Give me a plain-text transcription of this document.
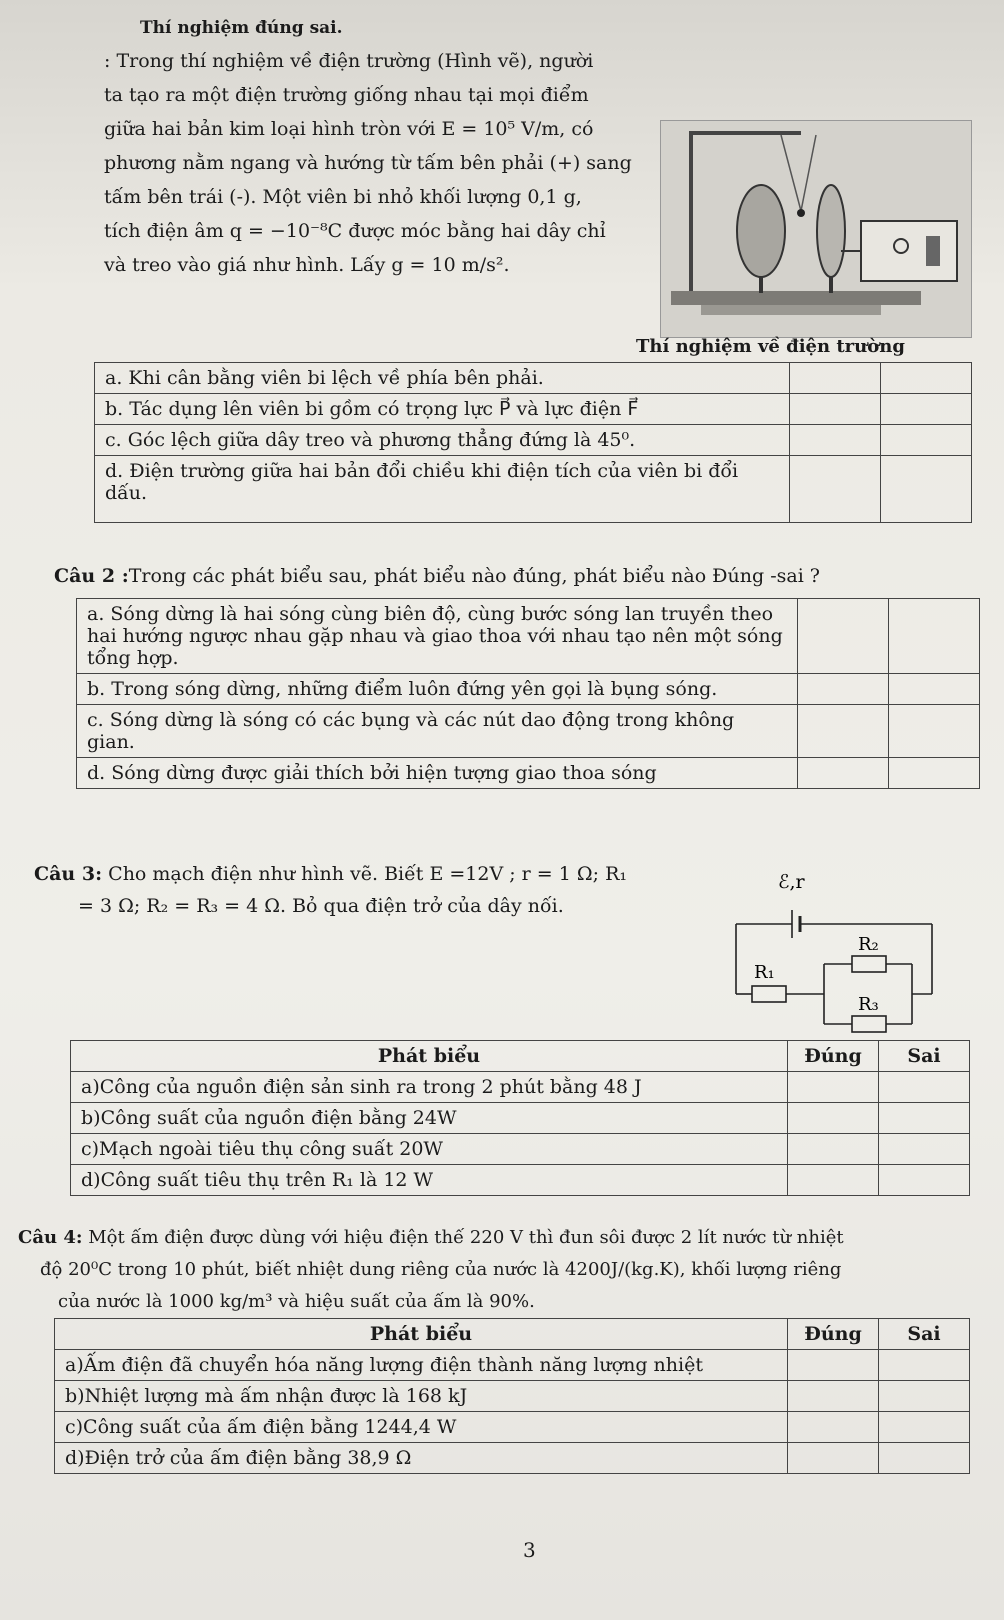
Thí nghiệm đúng sai.

: Trong thí nghiệm về điện trường (Hình vẽ), người

ta tạo ra một điện trường giống nhau tại mọi điểm

giữa hai bản kim loại hình tròn với E = 10⁵ V/m, có

phương nằm ngang và hướng từ tấm bên phải (+) sang

tấm bên trái (-). Một viên bi nhỏ khối lượng 0,1 g,

tích điện âm q = −10⁻⁸C được móc bằng hai dây chỉ

và treo vào giá như hình. Lấy g = 10 m/s².

Thí nghiệm về điện trường
a. Khi cân bằng viên bi lệch về phía bên phải.		
b. Tác dụng lên viên bi gồm có trọng lực P⃗ và lực điện F⃗		
c. Góc lệch giữa dây treo và phương thẳng đứng là 45⁰.		
d. Điện trường giữa hai bản đổi chiều khi điện tích của viên bi đổi dấu.		
Câu 2 :Trong các phát biểu sau, phát biểu nào đúng, phát biểu nào Đúng -sai ?
a. Sóng dừng là hai sóng cùng biên độ, cùng bước sóng lan truyền theo hai hướng ngược nhau gặp nhau và giao thoa với nhau tạo nên một sóng tổng hợp.		
b. Trong sóng dừng, những điểm luôn đứng yên gọi là bụng sóng.		
c. Sóng dừng là sóng có các bụng và các nút dao động trong không gian.		
d. Sóng dừng được giải thích bởi hiện tượng giao thoa sóng		
Câu 3: Cho mạch điện như hình vẽ. Biết E =12V ; r = 1 Ω; R₁
= 3 Ω; R₂ = R₃ = 4 Ω. Bỏ qua điện trở của dây nối.
ℰ,r
R₁
R₂
R₃
Phát biểu	Đúng	Sai
a)Công của nguồn điện sản sinh ra trong 2 phút bằng 48 J		
b)Công suất của nguồn điện bằng 24W		
c)Mạch ngoài tiêu thụ công suất 20W		
d)Công suất tiêu thụ trên R₁ là 12 W		
Câu 4: Một ấm điện được dùng với hiệu điện thế 220 V thì đun sôi được 2 lít nước từ nhiệt
độ 20⁰C trong 10 phút, biết nhiệt dung riêng của nước là 4200J/(kg.K), khối lượng riêng
của nước là 1000 kg/m³ và hiệu suất của ấm là 90%.
Phát biểu	Đúng	Sai
a)Ấm điện đã chuyển hóa năng lượng điện thành năng lượng nhiệt		
b)Nhiệt lượng mà ấm nhận được là 168 kJ		
c)Công suất của ấm điện bằng 1244,4 W		
d)Điện trở của ấm điện bằng 38,9 Ω		
3
